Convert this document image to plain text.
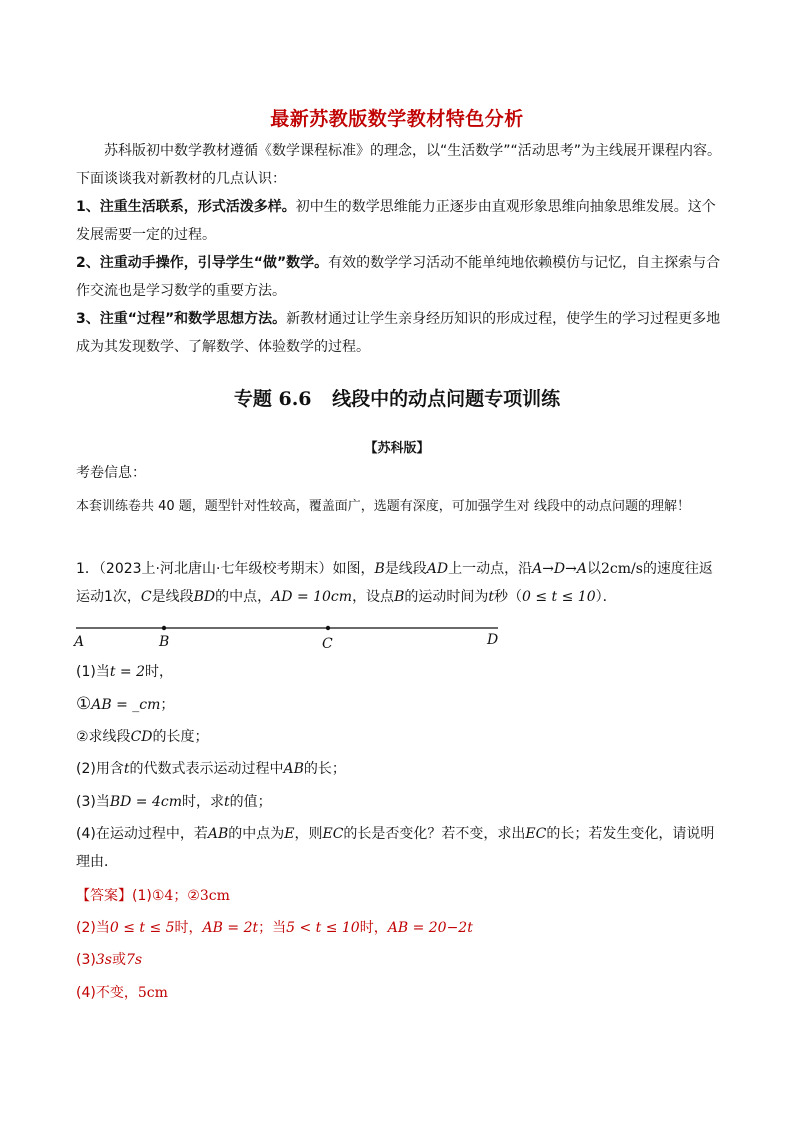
最新苏教版数学教材特色分析
苏科版初中数学教材遵循《数学课程标准》的理念，以“生活数学”“活动思考”为主线展开课程内容。下面谈谈我对新教材的几点认识：
1、注重生活联系，形式活泼多样。初中生的数学思维能力正逐步由直观形象思维向抽象思维发展。这个发展需要一定的过程。
2、注重动手操作，引导学生“做”数学。有效的数学学习活动不能单纯地依赖模仿与记忆，自主探索与合作交流也是学习数学的重要方法。
3、注重“过程”和数学思想方法。新教材通过让学生亲身经历知识的形成过程，使学生的学习过程更多地成为其发现数学、了解数学、体验数学的过程。
专题 6.6 线段中的动点问题专项训练
【苏科版】
考卷信息：
本套训练卷共 40 题，题型针对性较高，覆盖面广，选题有深度，可加强学生对 线段中的动点问题的理解！
1．（2023上·河北唐山·七年级校考期末）如图，B是线段AD上一动点，沿A→D→A以2cm/s的速度往返运动1次，C是线段BD的中点，AD = 10cm，设点B的运动时间为t秒（0 ≤ t ≤ 10）．
A	B	C	D
(1)当t = 2时，
①AB = _cm；
②求线段CD的长度；
(2)用含t的代数式表示运动过程中AB的长；
(3)当BD = 4cm时，求t的值；
(4)在运动过程中，若AB的中点为E，则EC的长是否变化？若不变，求出EC的长；若发生变化，请说明理由．
【答案】(1)①4；②3cm
(2)当0 ≤ t ≤ 5时，AB = 2t；当5 < t ≤ 10时，AB = 20−2t
(3)3s或7s
(4)不变，5cm
